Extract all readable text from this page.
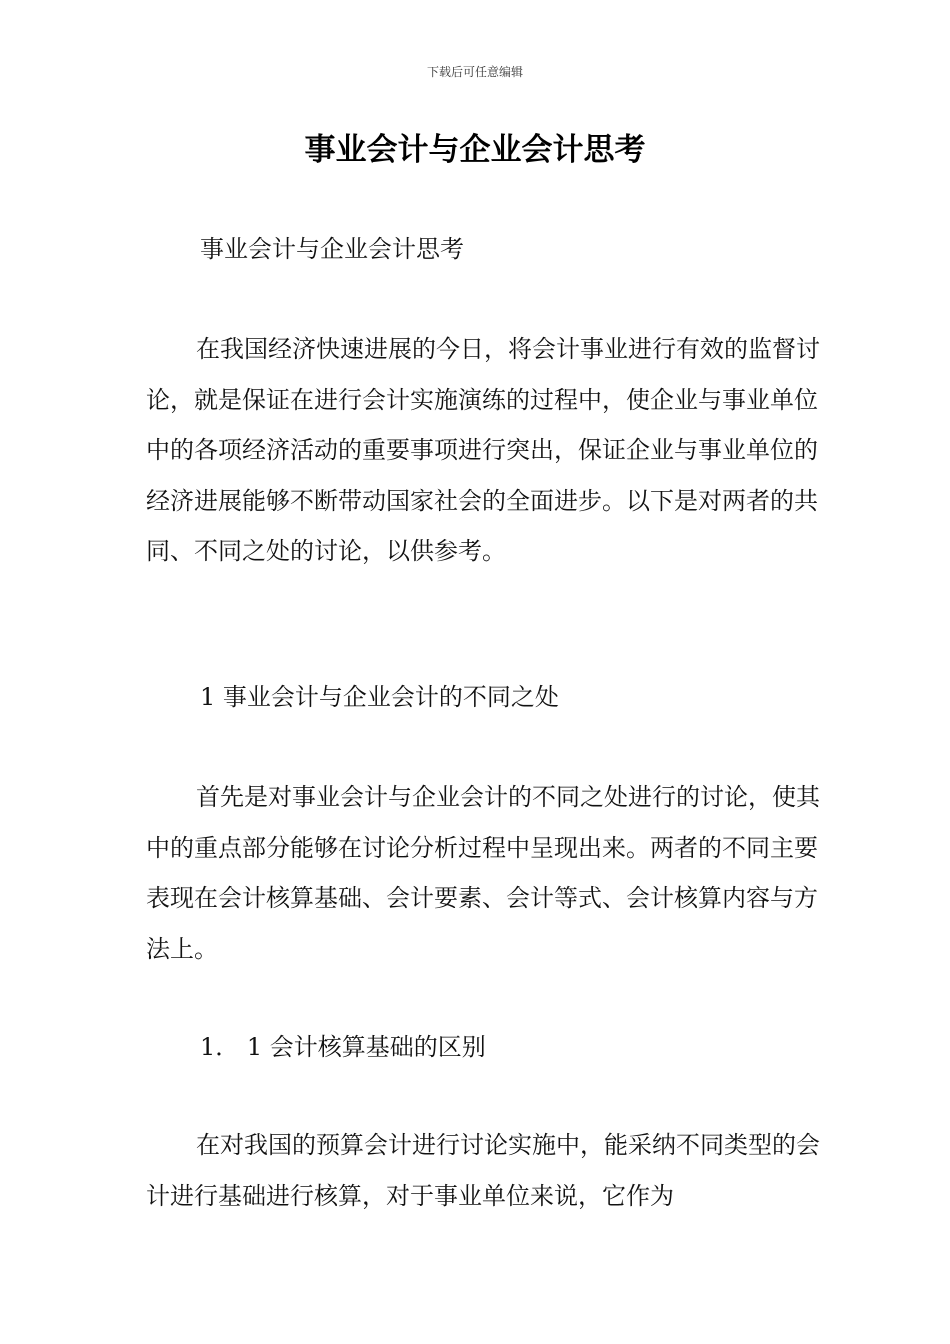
下载后可任意编辑
事业会计与企业会计思考

事业会计与企业会计思考

在我国经济快速进展的今日，将会计事业进行有效的监督讨论，就是保证在进行会计实施演练的过程中，使企业与事业单位中的各项经济活动的重要事项进行突出，保证企业与事业单位的经济进展能够不断带动国家社会的全面进步。以下是对两者的共同、不同之处的讨论，以供参考。

1 事业会计与企业会计的不同之处

首先是对事业会计与企业会计的不同之处进行的讨论，使其中的重点部分能够在讨论分析过程中呈现出来。两者的不同主要表现在会计核算基础、会计要素、会计等式、会计核算内容与方法上。

1． 1 会计核算基础的区别

在对我国的预算会计进行讨论实施中，能采纳不同类型的会计进行基础进行核算，对于事业单位来说，它作为
